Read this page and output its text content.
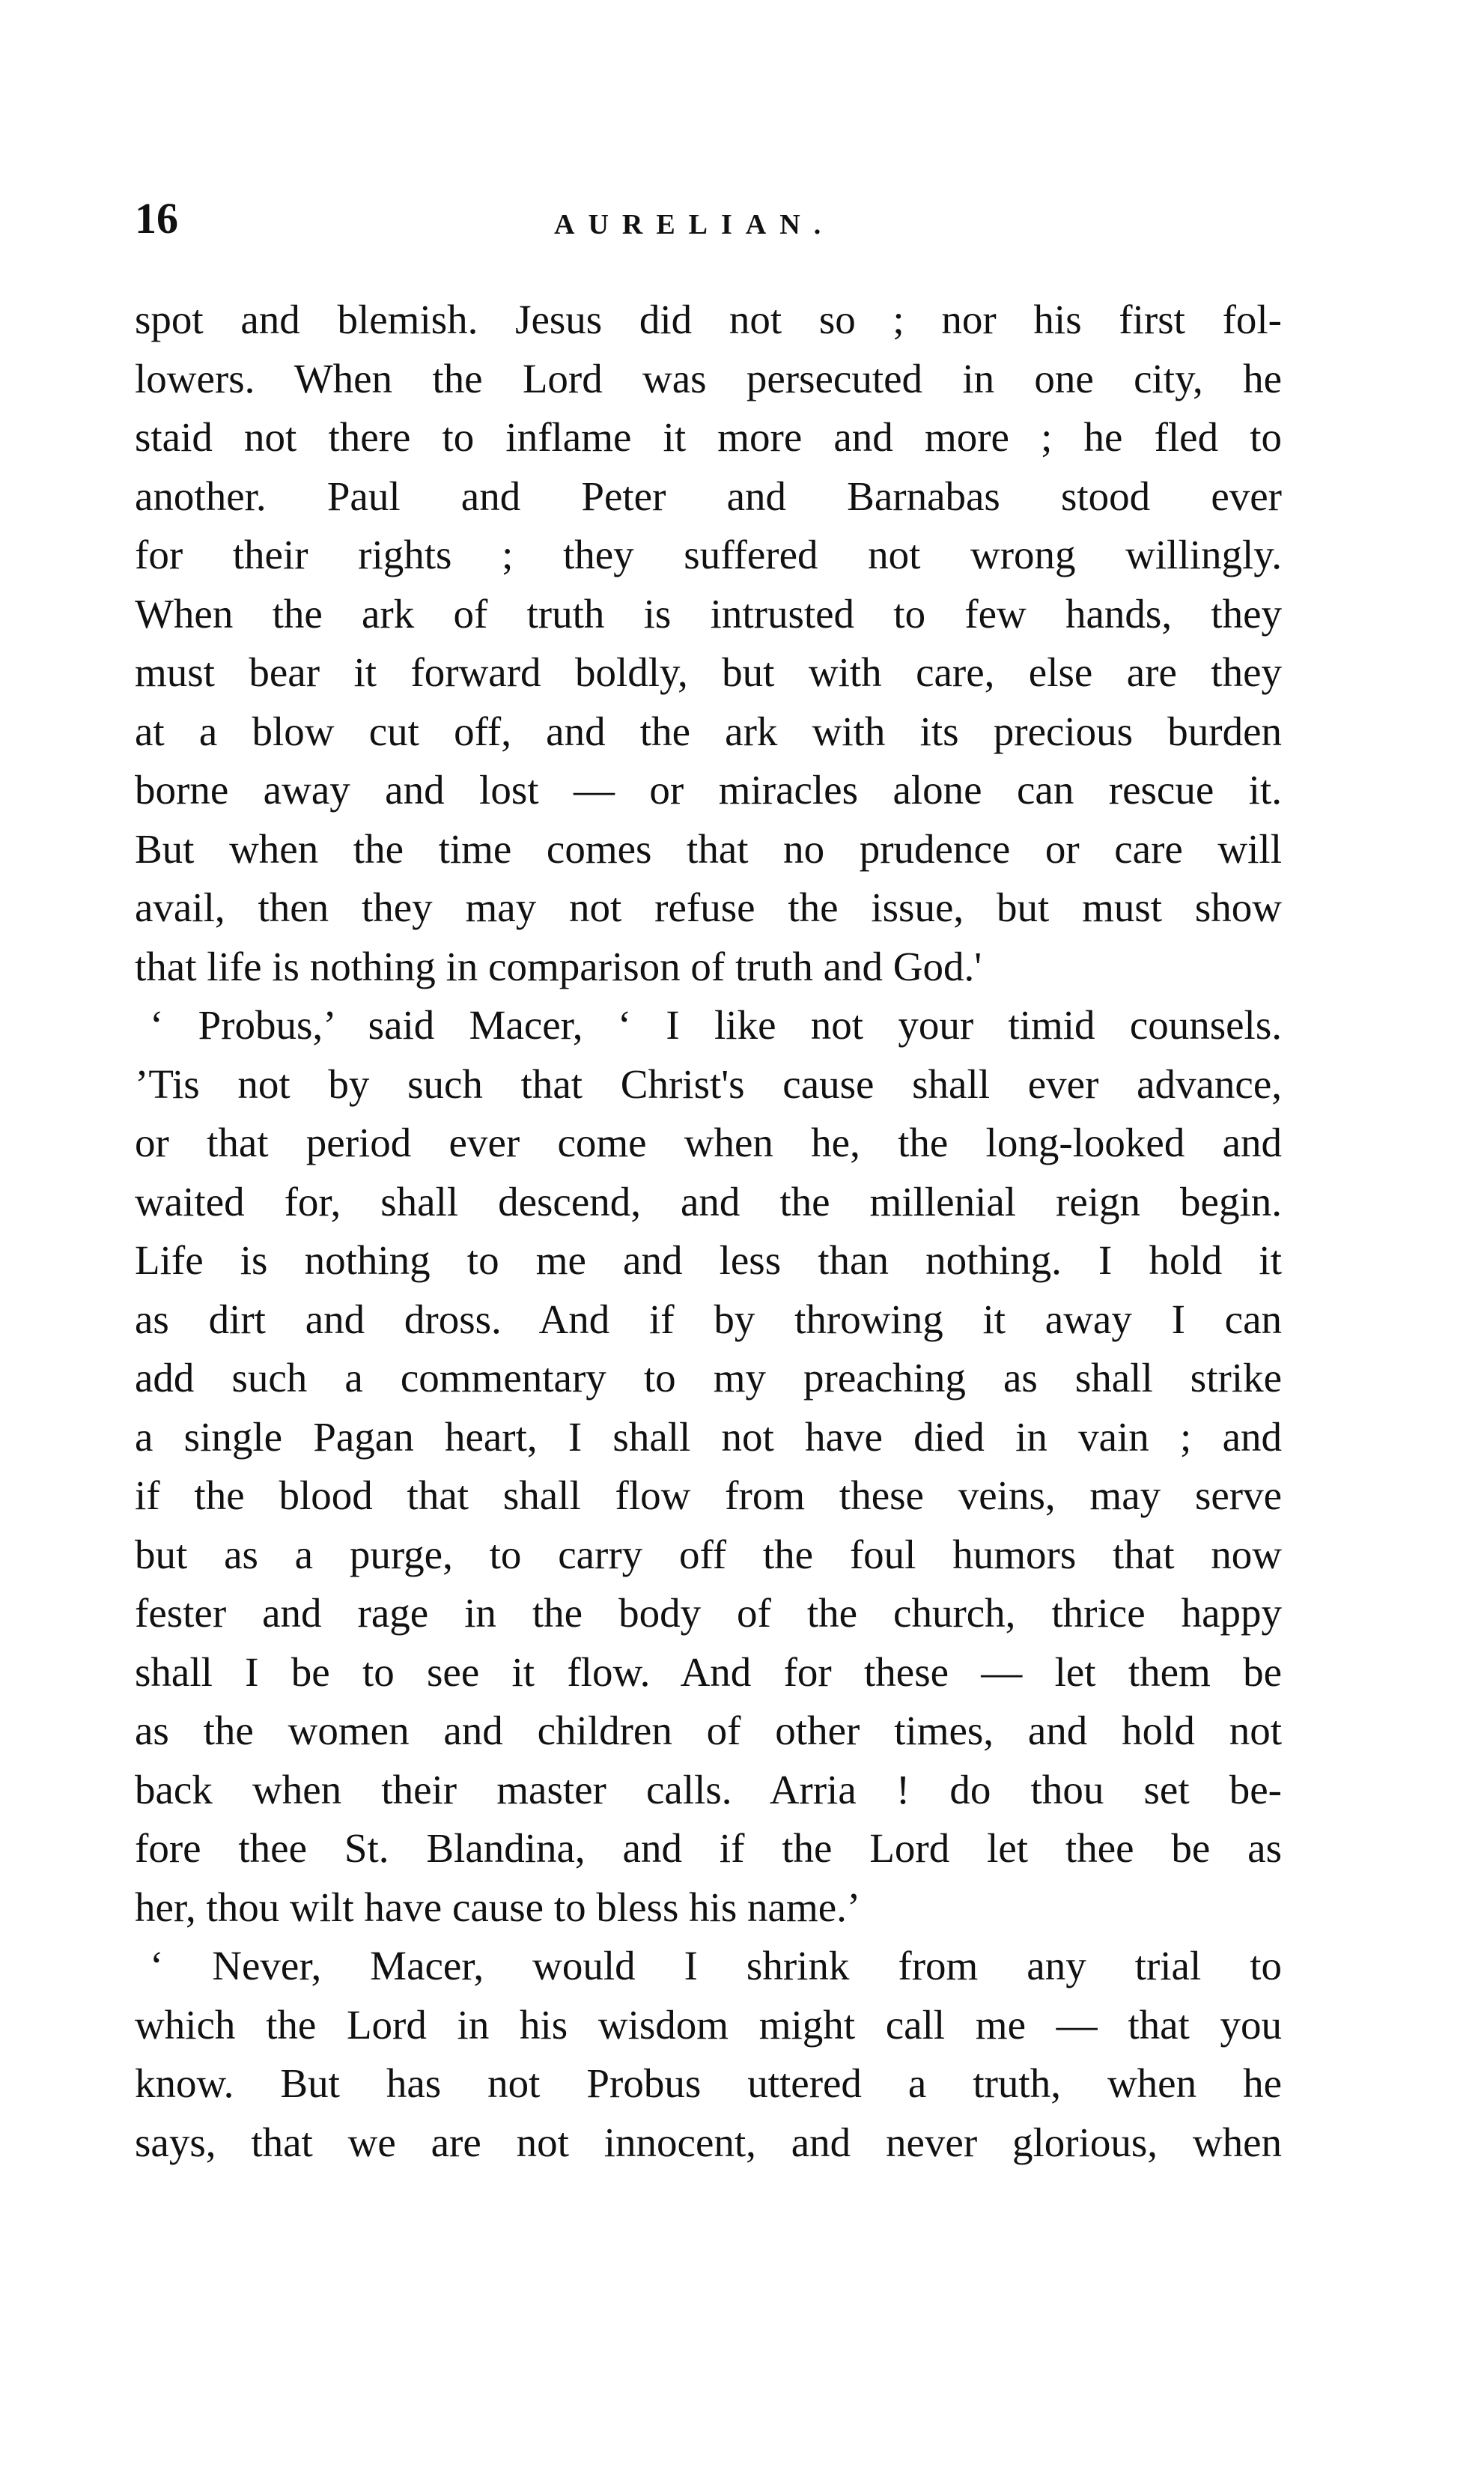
16	AURELIAN.
spot and blemish. Jesus did not so ; nor his first fol-
lowers. When the Lord was persecuted in one city, he
staid not there to inflame it more and more ; he fled to
another. Paul and Peter and Barnabas stood ever
for their rights ; they suffered not wrong willingly.
When the ark of truth is intrusted to few hands, they
must bear it forward boldly, but with care, else are they
at a blow cut off, and the ark with its precious burden
borne away and lost — or miracles alone can rescue it.
But when the time comes that no prudence or care will
avail, then they may not refuse the issue, but must show
that life is nothing in comparison of truth and God.'
‘ Probus,’ said Macer, ‘ I like not your timid counsels.
’Tis not by such that Christ's cause shall ever advance,
or that period ever come when he, the long-looked and
waited for, shall descend, and the millenial reign begin.
Life is nothing to me and less than nothing. I hold it
as dirt and dross. And if by throwing it away I can
add such a commentary to my preaching as shall strike
a single Pagan heart, I shall not have died in vain ; and
if the blood that shall flow from these veins, may serve
but as a purge, to carry off the foul humors that now
fester and rage in the body of the church, thrice happy
shall I be to see it flow. And for these — let them be
as the women and children of other times, and hold not
back when their master calls. Arria ! do thou set be-
fore thee St. Blandina, and if the Lord let thee be as
her, thou wilt have cause to bless his name.’
‘ Never, Macer, would I shrink from any trial to
which the Lord in his wisdom might call me — that you
know. But has not Probus uttered a truth, when he
says, that we are not innocent, and never glorious, when
